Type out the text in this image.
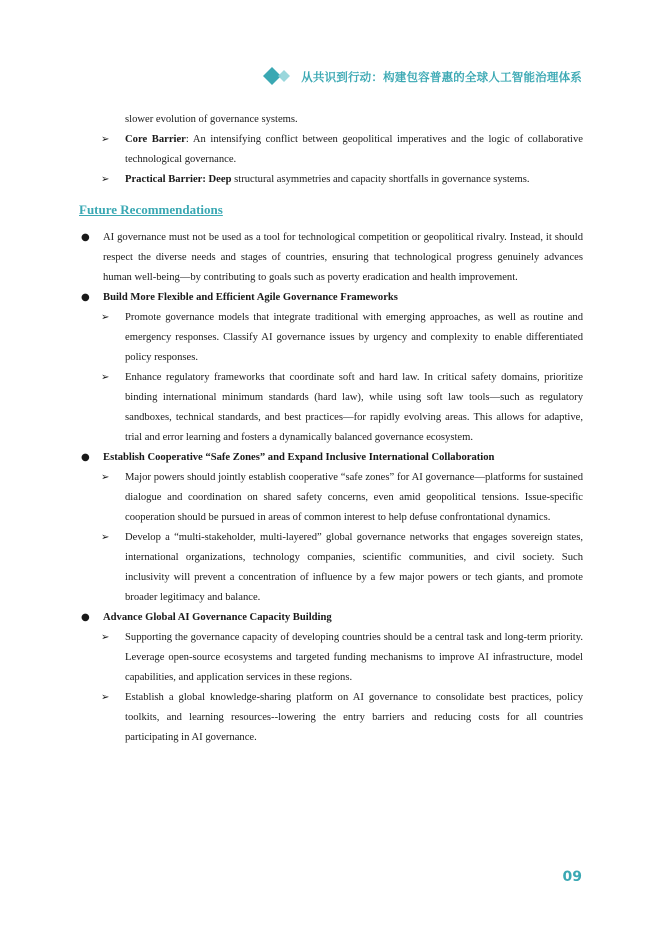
从共识到行动：构建包容普惠的全球人工智能治理体系
slower evolution of governance systems.
➢ Core Barrier: An intensifying conflict between geopolitical imperatives and the logic of collaborative technological governance.
➢ Practical Barrier: Deep structural asymmetries and capacity shortfalls in governance systems.
Future Recommendations
● AI governance must not be used as a tool for technological competition or geopolitical rivalry. Instead, it should respect the diverse needs and stages of countries, ensuring that technological progress genuinely advances human well-being—by contributing to goals such as poverty eradication and health improvement.
● Build More Flexible and Efficient Agile Governance Frameworks
➢ Promote governance models that integrate traditional with emerging approaches, as well as routine and emergency responses. Classify AI governance issues by urgency and complexity to enable differentiated policy responses.
➢ Enhance regulatory frameworks that coordinate soft and hard law. In critical safety domains, prioritize binding international minimum standards (hard law), while using soft law tools—such as regulatory sandboxes, technical standards, and best practices—for rapidly evolving areas. This allows for adaptive, trial and error learning and fosters a dynamically balanced governance ecosystem.
● Establish Cooperative “Safe Zones” and Expand Inclusive International Collaboration
➢ Major powers should jointly establish cooperative “safe zones” for AI governance—platforms for sustained dialogue and coordination on shared safety concerns, even amid geopolitical tensions. Issue-specific cooperation should be pursued in areas of common interest to help defuse confrontational dynamics.
➢ Develop a “multi-stakeholder, multi-layered” global governance networks that engages sovereign states, international organizations, technology companies, scientific communities, and civil society. Such inclusivity will prevent a concentration of influence by a few major powers or tech giants, and promote broader legitimacy and balance.
● Advance Global AI Governance Capacity Building
➢ Supporting the governance capacity of developing countries should be a central task and long-term priority. Leverage open-source ecosystems and targeted funding mechanisms to improve AI infrastructure, model capabilities, and application services in these regions.
➢ Establish a global knowledge-sharing platform on AI governance to consolidate best practices, policy toolkits, and learning resources--lowering the entry barriers and reducing costs for all countries participating in AI governance.
09
